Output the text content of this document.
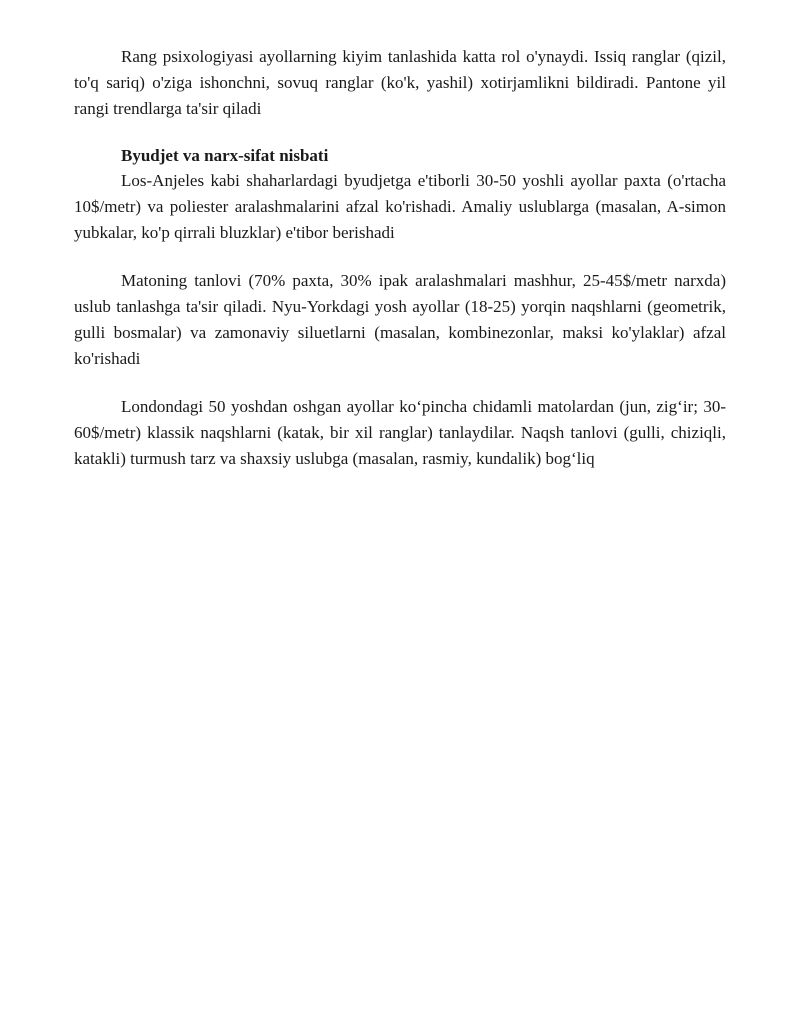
Rang psixologiyasi ayollarning kiyim tanlashida katta rol o'ynaydi. Issiq ranglar (qizil, to'q sariq) o'ziga ishonchni, sovuq ranglar (ko'k, yashil) xotirjamlikni bildiradi. Pantone yil rangi trendlarga ta'sir qiladi

Byudjet va narx-sifat nisbati

Los-Anjeles kabi shaharlardagi byudjetga e'tiborli 30-50 yoshli ayollar paxta (o'rtacha 10$/metr) va poliester aralashmalarini afzal ko'rishadi. Amaliy uslublarga (masalan, A-simon yubkalar, ko'p qirrali bluzklar) e'tibor berishadi

Matoning tanlovi (70% paxta, 30% ipak aralashmalari mashhur, 25-45$/metr narxda) uslub tanlashga ta'sir qiladi. Nyu-Yorkdagi yosh ayollar (18-25) yorqin naqshlarni (geometrik, gulli bosmalar) va zamonaviy siluetlarni (masalan, kombinezonlar, maksi ko'ylaklar) afzal ko'rishadi

Londondagi 50 yoshdan oshgan ayollar ko‘pincha chidamli matolardan (jun, zig‘ir; 30-60$/metr) klassik naqshlarni (katak, bir xil ranglar) tanlaydilar. Naqsh tanlovi (gulli, chiziqli, katakli) turmush tarz va shaxsiy uslubga (masalan, rasmiy, kundalik) bog‘liq
